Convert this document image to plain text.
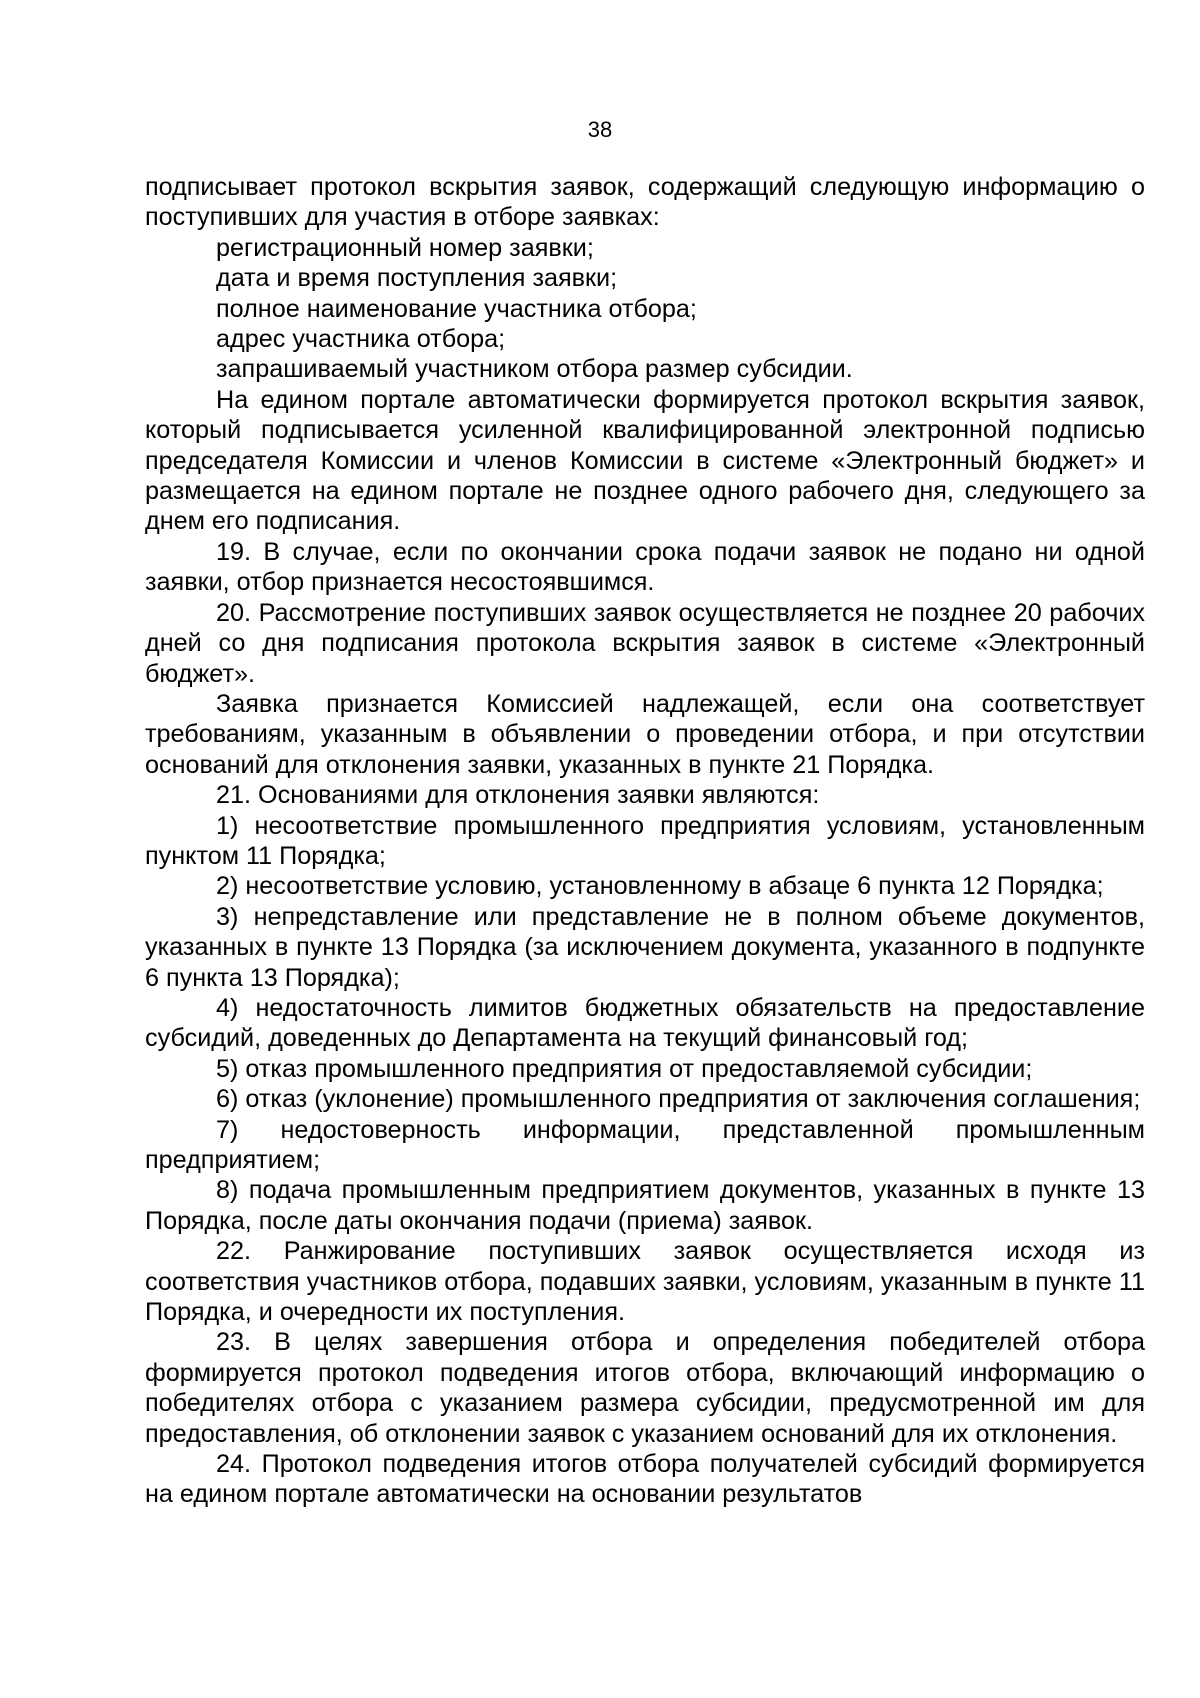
38

подписывает протокол вскрытия заявок, содержащий следующую информацию о поступивших для участия в отборе заявках:

регистрационный номер заявки;

дата и время поступления заявки;

полное наименование участника отбора;

адрес участника отбора;

запрашиваемый участником отбора размер субсидии.

На едином портале автоматически формируется протокол вскрытия заявок, который подписывается усиленной квалифицированной электронной подписью председателя Комиссии и членов Комиссии в системе «Электронный бюджет» и размещается на едином портале не позднее одного рабочего дня, следующего за днем его подписания.

19. В случае, если по окончании срока подачи заявок не подано ни одной заявки, отбор признается несостоявшимся.

20. Рассмотрение поступивших заявок осуществляется не позднее 20 рабочих дней со дня подписания протокола вскрытия заявок в системе «Электронный бюджет».

Заявка признается Комиссией надлежащей, если она соответствует требованиям, указанным в объявлении о проведении отбора, и при отсутствии оснований для отклонения заявки, указанных в пункте 21 Порядка.

21. Основаниями для отклонения заявки являются:

1) несоответствие промышленного предприятия условиям, установленным пунктом 11 Порядка;

2) несоответствие условию, установленному в абзаце 6 пункта 12 Порядка;

3) непредставление или представление не в полном объеме документов, указанных в пункте 13 Порядка (за исключением документа, указанного в подпункте 6 пункта 13 Порядка);

4) недостаточность лимитов бюджетных обязательств на предоставление субсидий, доведенных до Департамента на текущий финансовый год;

5) отказ промышленного предприятия от предоставляемой субсидии;

6) отказ (уклонение) промышленного предприятия от заключения соглашения;

7) недостоверность информации, представленной промышленным предприятием;

8) подача промышленным предприятием документов, указанных в пункте 13 Порядка, после даты окончания подачи (приема) заявок.

22. Ранжирование поступивших заявок осуществляется исходя из соответствия участников отбора, подавших заявки, условиям, указанным в пункте 11 Порядка, и очередности их поступления.

23. В целях завершения отбора и определения победителей отбора формируется протокол подведения итогов отбора, включающий информацию о победителях отбора с указанием размера субсидии, предусмотренной им для предоставления, об отклонении заявок с указанием оснований для их отклонения.

24. Протокол подведения итогов отбора получателей субсидий формируется на едином портале автоматически на основании результатов
